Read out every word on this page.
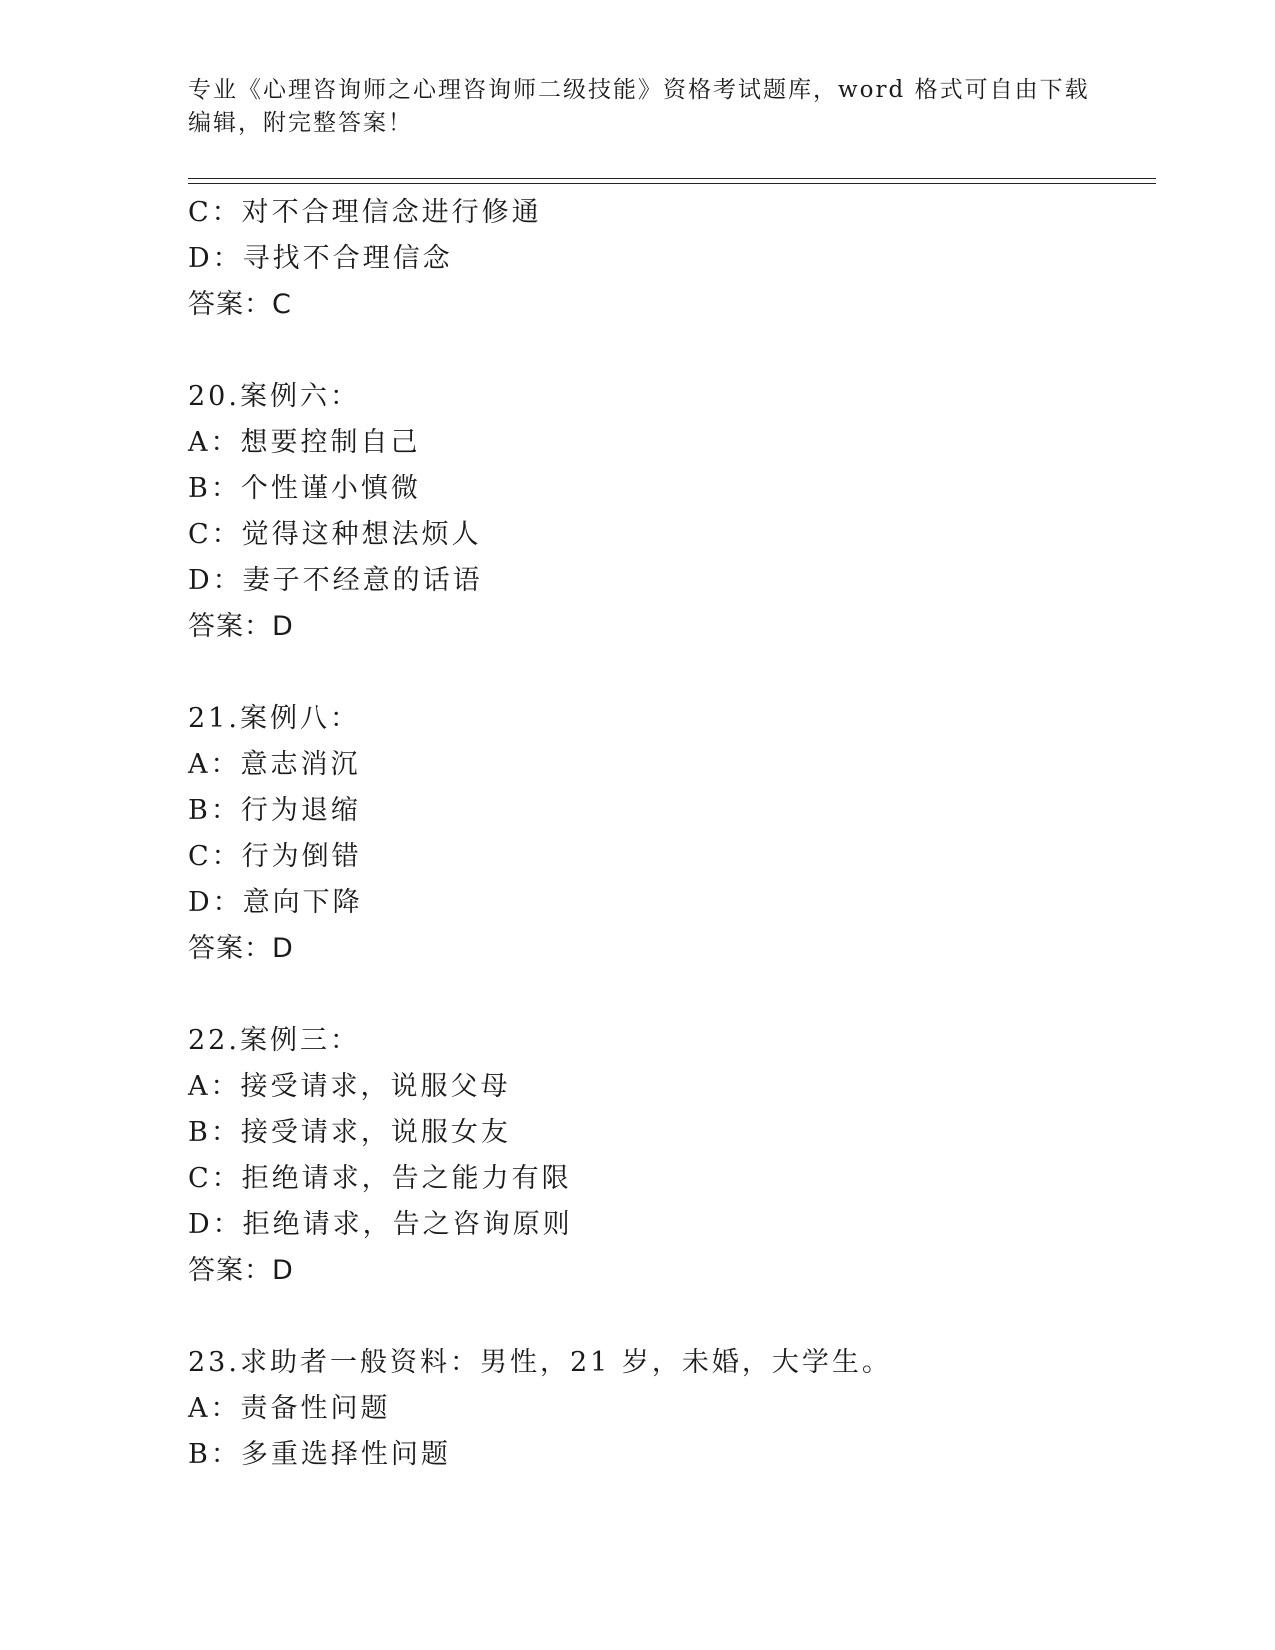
专业《心理咨询师之心理咨询师二级技能》资格考试题库，word 格式可自由下载
编辑，附完整答案！
C：对不合理信念进行修通
D：寻找不合理信念
答案：C
20.案例六：
A：想要控制自己
B：个性谨小慎微
C：觉得这种想法烦人
D：妻子不经意的话语
答案：D
21.案例八：
A：意志消沉
B：行为退缩
C：行为倒错
D：意向下降
答案：D
22.案例三：
A：接受请求，说服父母
B：接受请求，说服女友
C：拒绝请求，告之能力有限
D：拒绝请求，告之咨询原则
答案：D
23.求助者一般资料：男性，21 岁，未婚，大学生。
A：责备性问题
B：多重选择性问题
